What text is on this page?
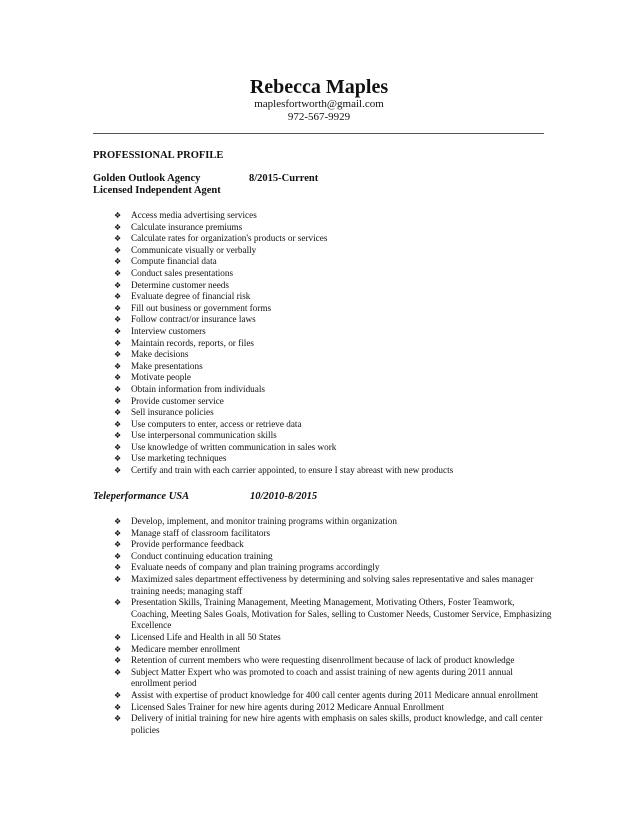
Rebecca Maples
maplesfortworth@gmail.com
972-567-9929
PROFESSIONAL PROFILE
Golden Outlook Agency	8/2015-Current
Licensed Independent Agent
❖ Access media advertising services
❖ Calculate insurance premiums
❖ Calculate rates for organization's products or services
❖ Communicate visually or verbally
❖ Compute financial data
❖ Conduct sales presentations
❖ Determine customer needs
❖ Evaluate degree of financial risk
❖ Fill out business or government forms
❖ Follow contract/or insurance laws
❖ Interview customers
❖ Maintain records, reports, or files
❖ Make decisions
❖ Make presentations
❖ Motivate people
❖ Obtain information from individuals
❖ Provide customer service
❖ Sell insurance policies
❖ Use computers to enter, access or retrieve data
❖ Use interpersonal communication skills
❖ Use knowledge of written communication in sales work
❖ Use marketing techniques
❖ Certify and train with each carrier appointed, to ensure I stay abreast with new products
Teleperformance USA	10/2010-8/2015
❖ Develop, implement, and monitor training programs within organization
❖ Manage staff of classroom facilitators
❖ Provide performance feedback
❖ Conduct continuing education training
❖ Evaluate needs of company and plan training programs accordingly
❖ Maximized sales department effectiveness by determining and solving sales representative and sales manager training needs; managing staff
❖ Presentation Skills, Training Management, Meeting Management, Motivating Others, Foster Teamwork, Coaching, Meeting Sales Goals, Motivation for Sales, selling to Customer Needs, Customer Service, Emphasizing Excellence
❖ Licensed Life and Health in all 50 States
❖ Medicare member enrollment
❖ Retention of current members who were requesting disenrollment because of lack of product knowledge
❖ Subject Matter Expert who was promoted to coach and assist training of new agents during 2011 annual enrollment period
❖ Assist with expertise of product knowledge for 400 call center agents during 2011 Medicare annual enrollment
❖ Licensed Sales Trainer for new hire agents during 2012 Medicare Annual Enrollment
❖ Delivery of initial training for new hire agents with emphasis on sales skills, product knowledge, and call center policies
